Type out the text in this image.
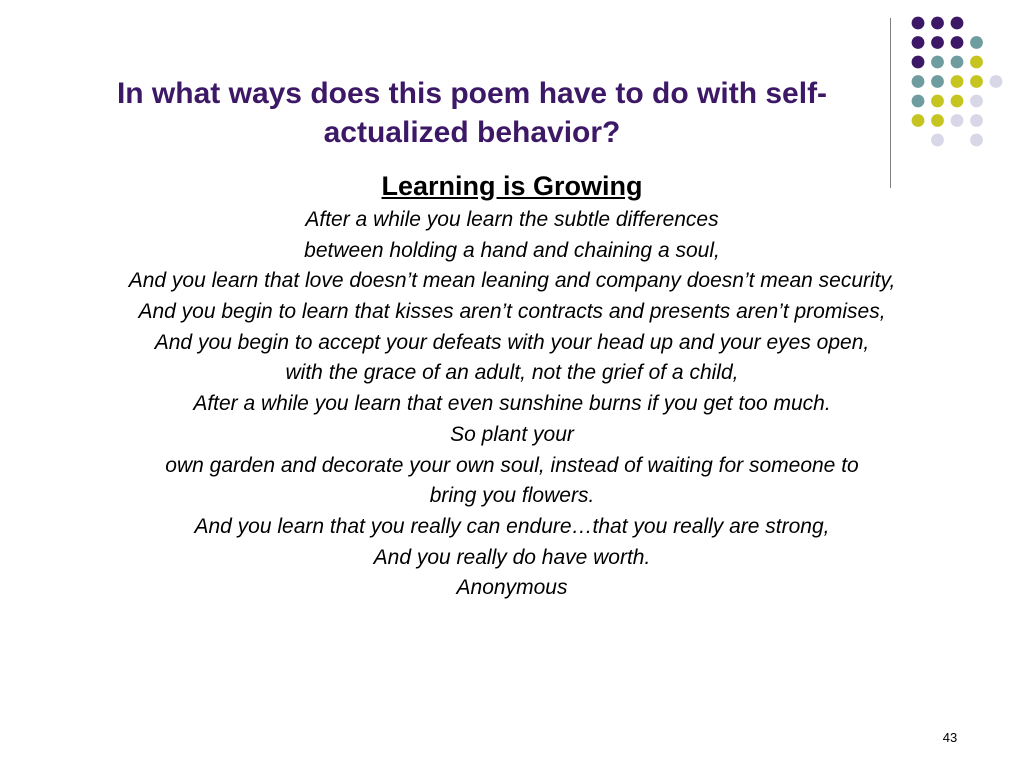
In what ways does this poem have to do with self-
actualized behavior?
Learning is Growing
After a while you learn the subtle differences
between holding a hand and chaining a soul,
And you learn that love doesn’t mean leaning and company doesn’t mean security,
And you begin to learn that kisses aren’t contracts and presents aren’t promises,
And you begin to accept your defeats with your head up and your eyes open,
with the grace of an adult, not the grief of a child,
After a while you learn that even sunshine burns if you get too much.
So plant your
own garden and decorate your own soul, instead of waiting for someone to
bring you flowers.
And you learn that you really can endure…that you really are strong,
And you really do have worth.
Anonymous
43
